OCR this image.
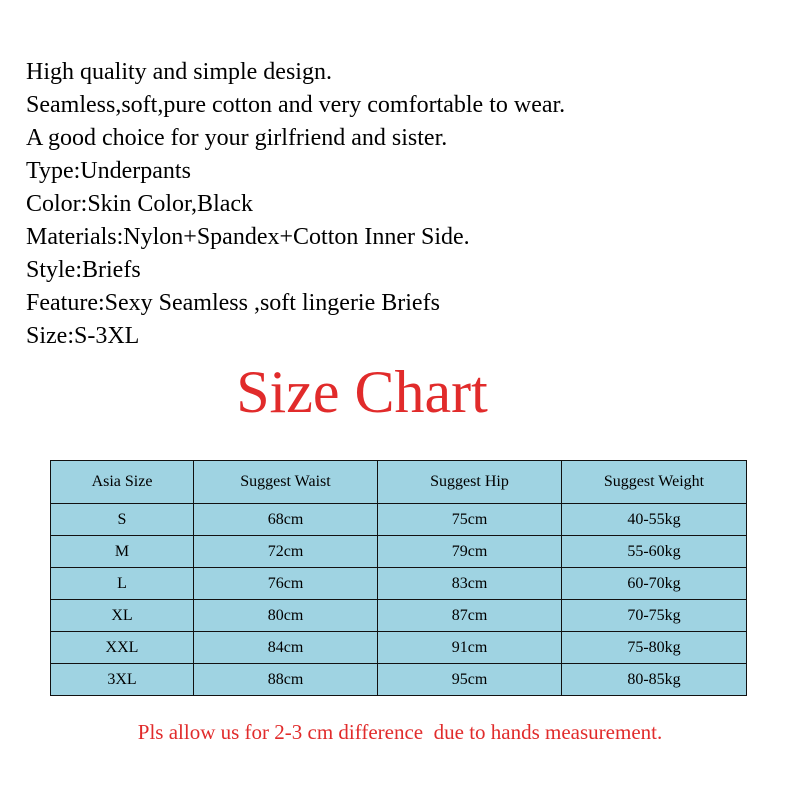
High quality and simple design.
Seamless,soft,pure cotton and very comfortable to wear.
A good choice for your girlfriend and sister.
Type:Underpants
Color:Skin Color,Black
Materials:Nylon+Spandex+Cotton Inner Side.
Style:Briefs
Feature:Sexy Seamless ,soft lingerie Briefs
Size:S-3XL
Size Chart
Asia Size	Suggest Waist	Suggest Hip	Suggest Weight
S	68cm	75cm	40-55kg
M	72cm	79cm	55-60kg
L	76cm	83cm	60-70kg
XL	80cm	87cm	70-75kg
XXL	84cm	91cm	75-80kg
3XL	88cm	95cm	80-85kg
Pls allow us for 2-3 cm difference  due to hands measurement.
